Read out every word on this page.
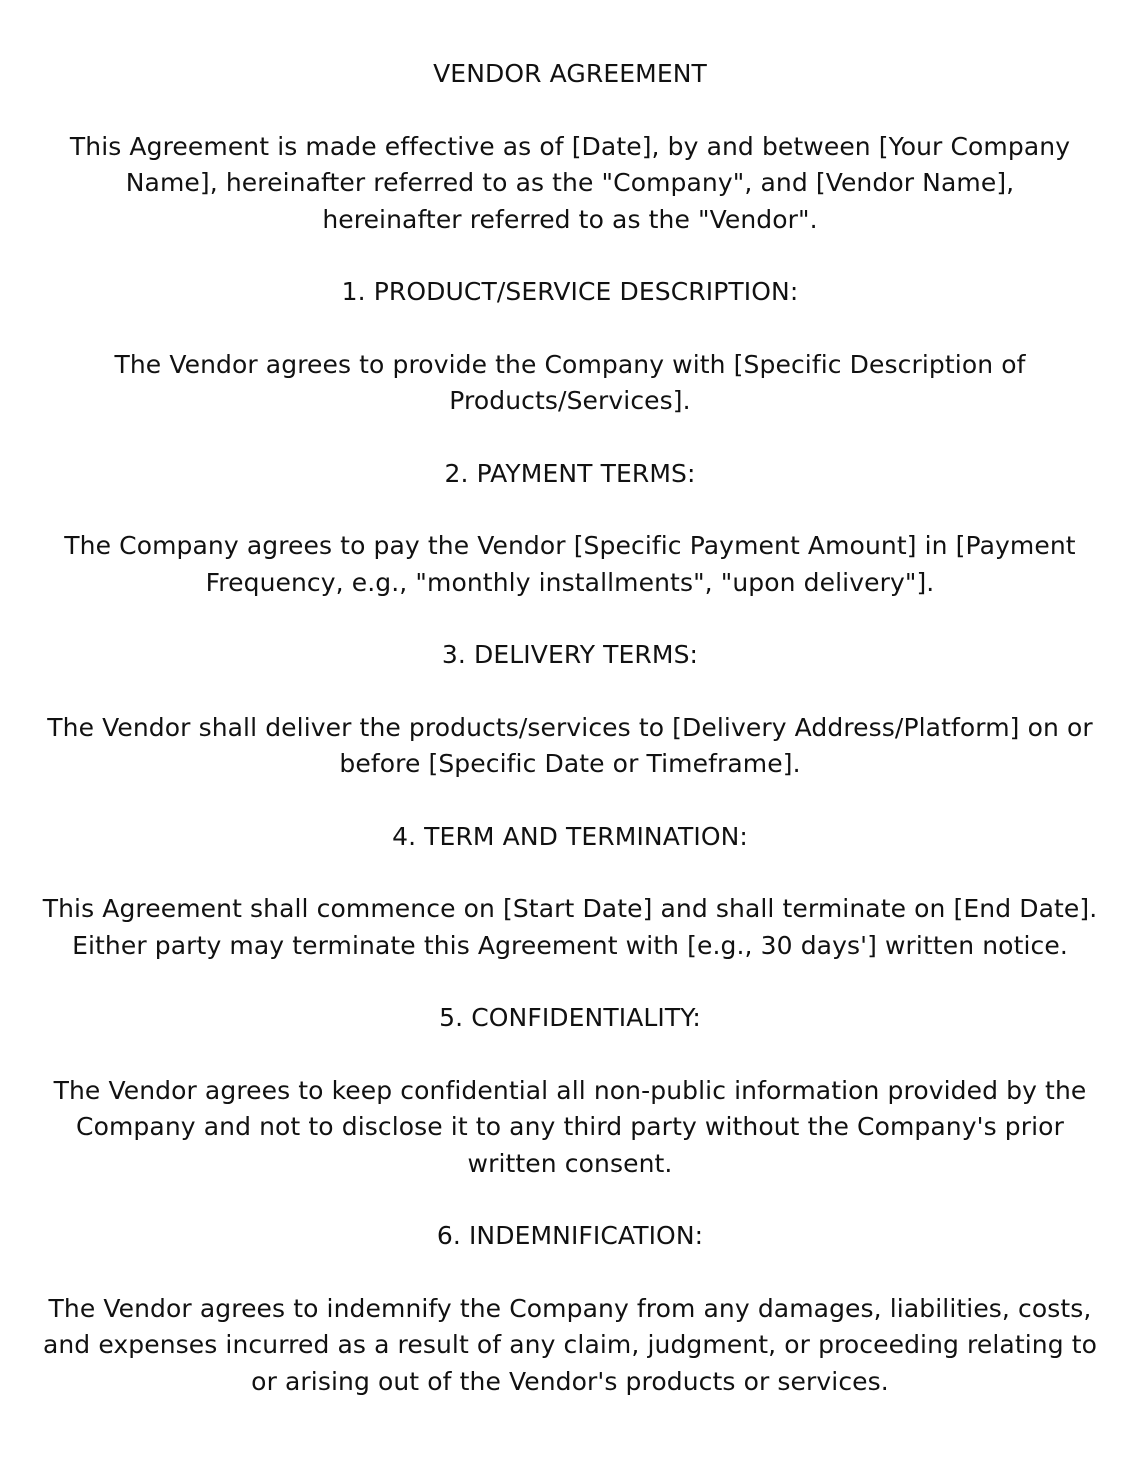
VENDOR AGREEMENT

This Agreement is made effective as of [Date], by and between [Your Company Name], hereinafter referred to as the "Company", and [Vendor Name], hereinafter referred to as the "Vendor".

1. PRODUCT/SERVICE DESCRIPTION:

The Vendor agrees to provide the Company with [Specific Description of Products/Services].

2. PAYMENT TERMS:

The Company agrees to pay the Vendor [Specific Payment Amount] in [Payment Frequency, e.g., "monthly installments", "upon delivery"].

3. DELIVERY TERMS:

The Vendor shall deliver the products/services to [Delivery Address/Platform] on or before [Specific Date or Timeframe].

4. TERM AND TERMINATION:

This Agreement shall commence on [Start Date] and shall terminate on [End Date]. Either party may terminate this Agreement with [e.g., 30 days'] written notice.

5. CONFIDENTIALITY:

The Vendor agrees to keep confidential all non-public information provided by the Company and not to disclose it to any third party without the Company's prior written consent.

6. INDEMNIFICATION:

The Vendor agrees to indemnify the Company from any damages, liabilities, costs, and expenses incurred as a result of any claim, judgment, or proceeding relating to or arising out of the Vendor's products or services.
